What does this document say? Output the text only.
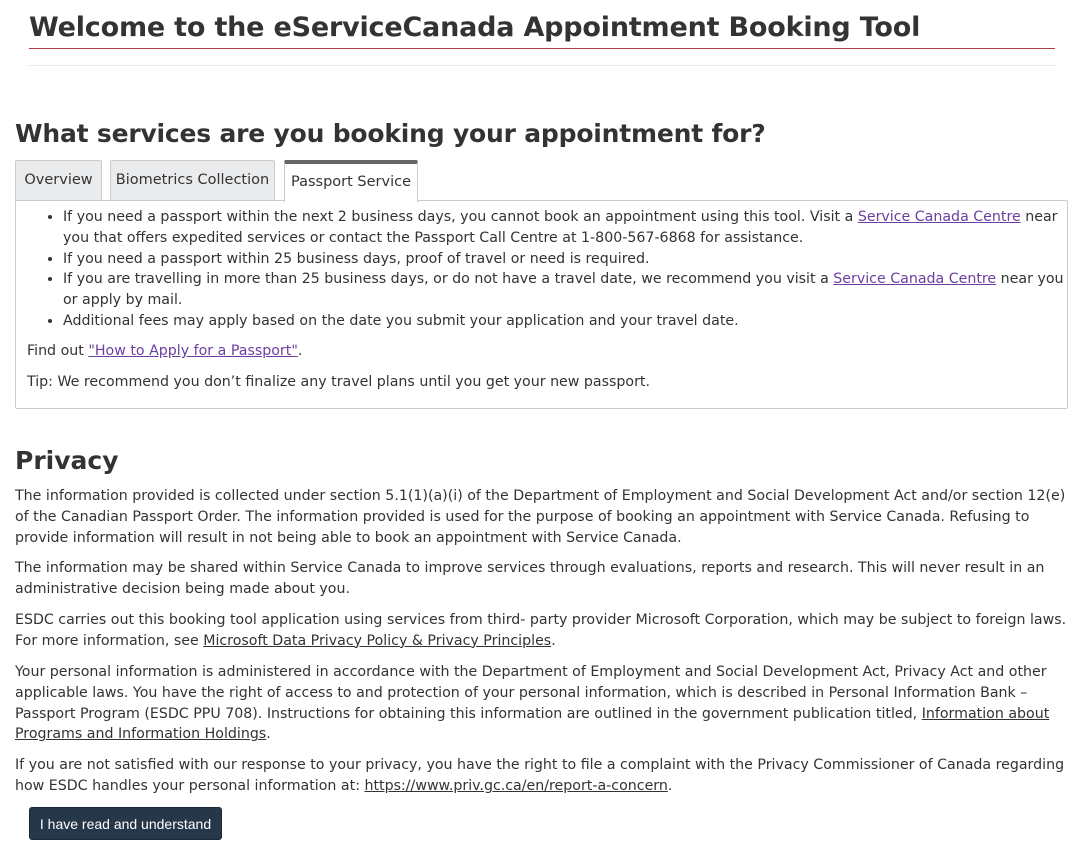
Welcome to the eServiceCanada Appointment Booking Tool
What services are you booking your appointment for?
Overview	Biometrics Collection	Passport Service
• If you need a passport within the next 2 business days, you cannot book an appointment using this tool. Visit a Service Canada Centre near you that offers expedited services or contact the Passport Call Centre at 1-800-567-6868 for assistance.
• If you need a passport within 25 business days, proof of travel or need is required.
• If you are travelling in more than 25 business days, or do not have a travel date, we recommend you visit a Service Canada Centre near you or apply by mail.
• Additional fees may apply based on the date you submit your application and your travel date.

Find out "How to Apply for a Passport".

Tip: We recommend you don’t finalize any travel plans until you get your new passport.

Privacy

The information provided is collected under section 5.1(1)(a)(i) of the Department of Employment and Social Development Act and/or section 12(e) of the Canadian Passport Order. The information provided is used for the purpose of booking an appointment with Service Canada. Refusing to provide information will result in not being able to book an appointment with Service Canada.

The information may be shared within Service Canada to improve services through evaluations, reports and research. This will never result in an administrative decision being made about you.

ESDC carries out this booking tool application using services from third- party provider Microsoft Corporation, which may be subject to foreign laws. For more information, see Microsoft Data Privacy Policy & Privacy Principles.

Your personal information is administered in accordance with the Department of Employment and Social Development Act, Privacy Act and other applicable laws. You have the right of access to and protection of your personal information, which is described in Personal Information Bank – Passport Program (ESDC PPU 708). Instructions for obtaining this information are outlined in the government publication titled, Information about Programs and Information Holdings.

If you are not satisfied with our response to your privacy, you have the right to file a complaint with the Privacy Commissioner of Canada regarding how ESDC handles your personal information at: https://www.priv.gc.ca/en/report-a-concern.

I have read and understand
